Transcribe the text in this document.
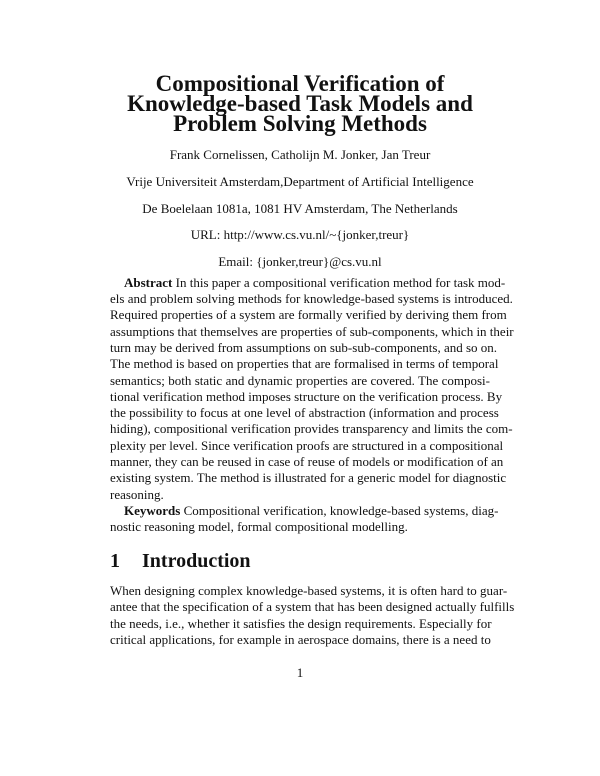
Compositional Verification of
Knowledge-based Task Models and
Problem Solving Methods
Frank Cornelissen, Catholijn M. Jonker, Jan Treur
Vrije Universiteit Amsterdam,Department of Artificial Intelligence
De Boelelaan 1081a, 1081 HV Amsterdam, The Netherlands
URL: http://www.cs.vu.nl/~{jonker,treur}
Email: {jonker,treur}@cs.vu.nl
Abstract In this paper a compositional verification method for task mod-
els and problem solving methods for knowledge-based systems is introduced.
Required properties of a system are formally verified by deriving them from
assumptions that themselves are properties of sub-components, which in their
turn may be derived from assumptions on sub-sub-components, and so on.
The method is based on properties that are formalised in terms of temporal
semantics; both static and dynamic properties are covered. The composi-
tional verification method imposes structure on the verification process. By
the possibility to focus at one level of abstraction (information and process
hiding), compositional verification provides transparency and limits the com-
plexity per level. Since verification proofs are structured in a compositional
manner, they can be reused in case of reuse of models or modification of an
existing system. The method is illustrated for a generic model for diagnostic
reasoning.
Keywords Compositional verification, knowledge-based systems, diag-
nostic reasoning model, formal compositional modelling.
1 Introduction
When designing complex knowledge-based systems, it is often hard to guar-
antee that the specification of a system that has been designed actually fulfills
the needs, i.e., whether it satisfies the design requirements. Especially for
critical applications, for example in aerospace domains, there is a need to
1
